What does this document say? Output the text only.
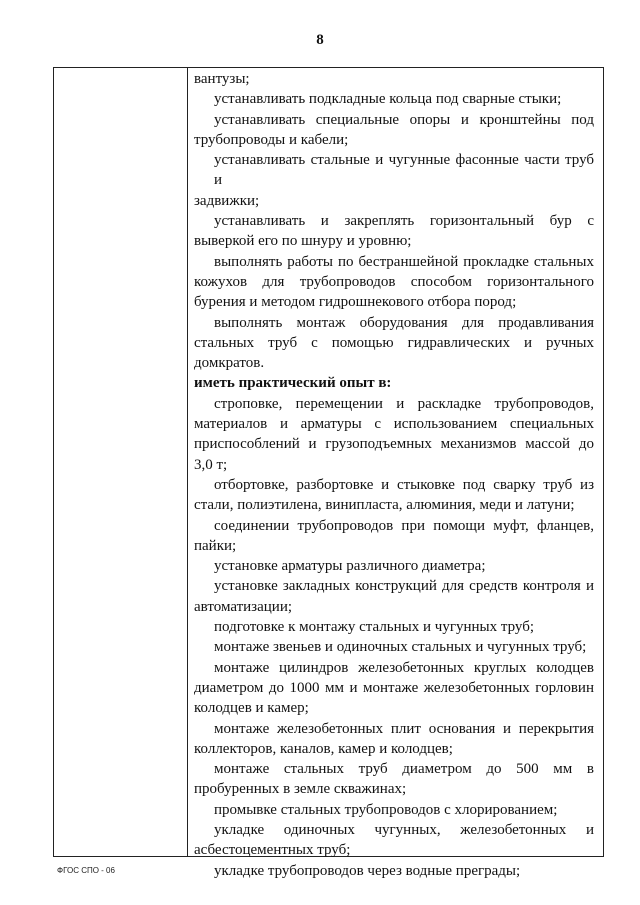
8
вантузы;
устанавливать подкладные кольца под сварные стыки;
устанавливать специальные опоры и кронштейны под
трубопроводы и кабели;
устанавливать стальные и чугунные фасонные части труб и
задвижки;
устанавливать и закреплять горизонтальный бур с
выверкой его по шнуру и уровню;
выполнять работы по бестраншейной прокладке стальных
кожухов для трубопроводов способом горизонтального
бурения и методом гидрошнекового отбора пород;
выполнять монтаж оборудования для продавливания
стальных труб с помощью гидравлических и ручных
домкратов.
иметь практический опыт в:
строповке, перемещении и раскладке трубопроводов,
материалов и арматуры с использованием специальных
приспособлений и грузоподъемных механизмов массой до
3,0 т;
отбортовке, разбортовке и стыковке под сварку труб из
стали, полиэтилена, винипласта, алюминия, меди и латуни;
соединении трубопроводов при помощи муфт, фланцев,
пайки;
установке арматуры различного диаметра;
установке закладных конструкций для средств контроля и
автоматизации;
подготовке к монтажу стальных и чугунных труб;
монтаже звеньев и одиночных стальных и чугунных труб;
монтаже цилиндров железобетонных круглых колодцев
диаметром до 1000 мм и монтаже железобетонных горловин
колодцев и камер;
монтаже железобетонных плит основания и перекрытия
коллекторов, каналов, камер и колодцев;
монтаже стальных труб диаметром до 500 мм в
пробуренных в земле скважинах;
промывке стальных трубопроводов с хлорированием;
укладке одиночных чугунных, железобетонных и
асбестоцементных труб;
укладке трубопроводов через водные преграды;
ФГОС СПО - 06
